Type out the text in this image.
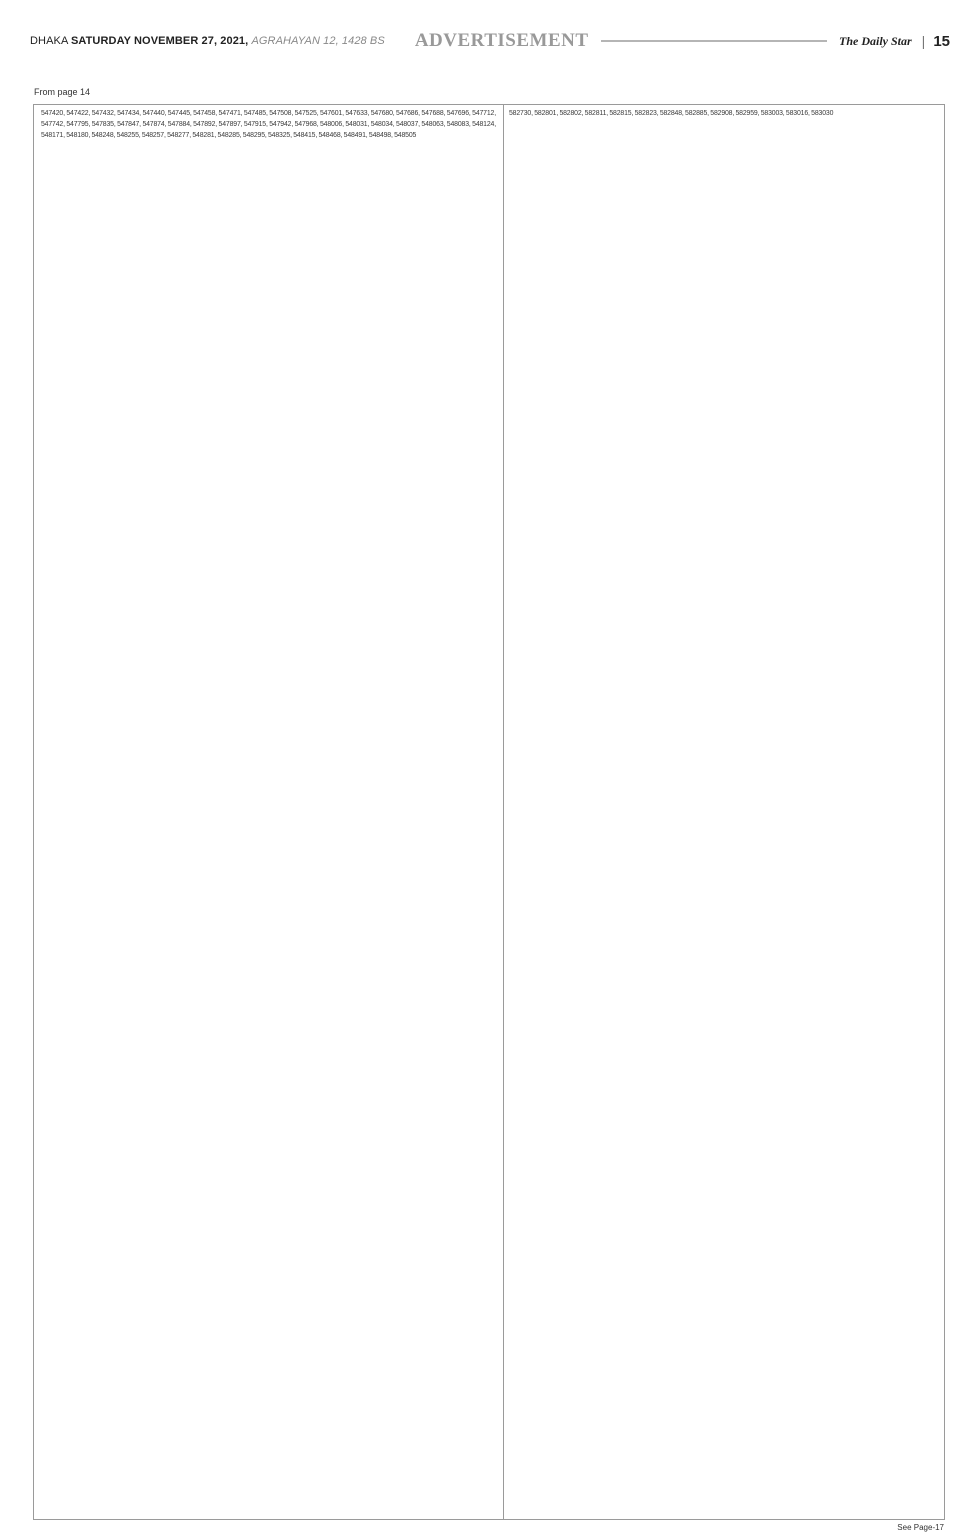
DHAKA SATURDAY NOVEMBER 27, 2021, AGRAHAYAN 12, 1428 BS ADVERTISEMENT	The Daily Star | 15
From page 14
547420, 547422, 547432, 547434, 547440, 547445, 547458, 547471, 547485, 547508, 547525, 547601, 547633, 547680, 547686, 547688, 547696, 547712, 547742, 547795, 547835, 547847, 547874, 547884, 547892, 547897, 547915, 547942, 547968, 548006, 548031, 548034, 548037, 548063, 548083, 548124, 548171, 548180, 548248, 548255, 548257, 548277, 548281, 548285, 548295, 548325, 548415, 548468, 548491, 548498, 548505
582730, 582801, 582802, 582811, 582815, 582823, 582848, 582885, 582908, 582959, 583003, 583016, 583030
See Page-17
